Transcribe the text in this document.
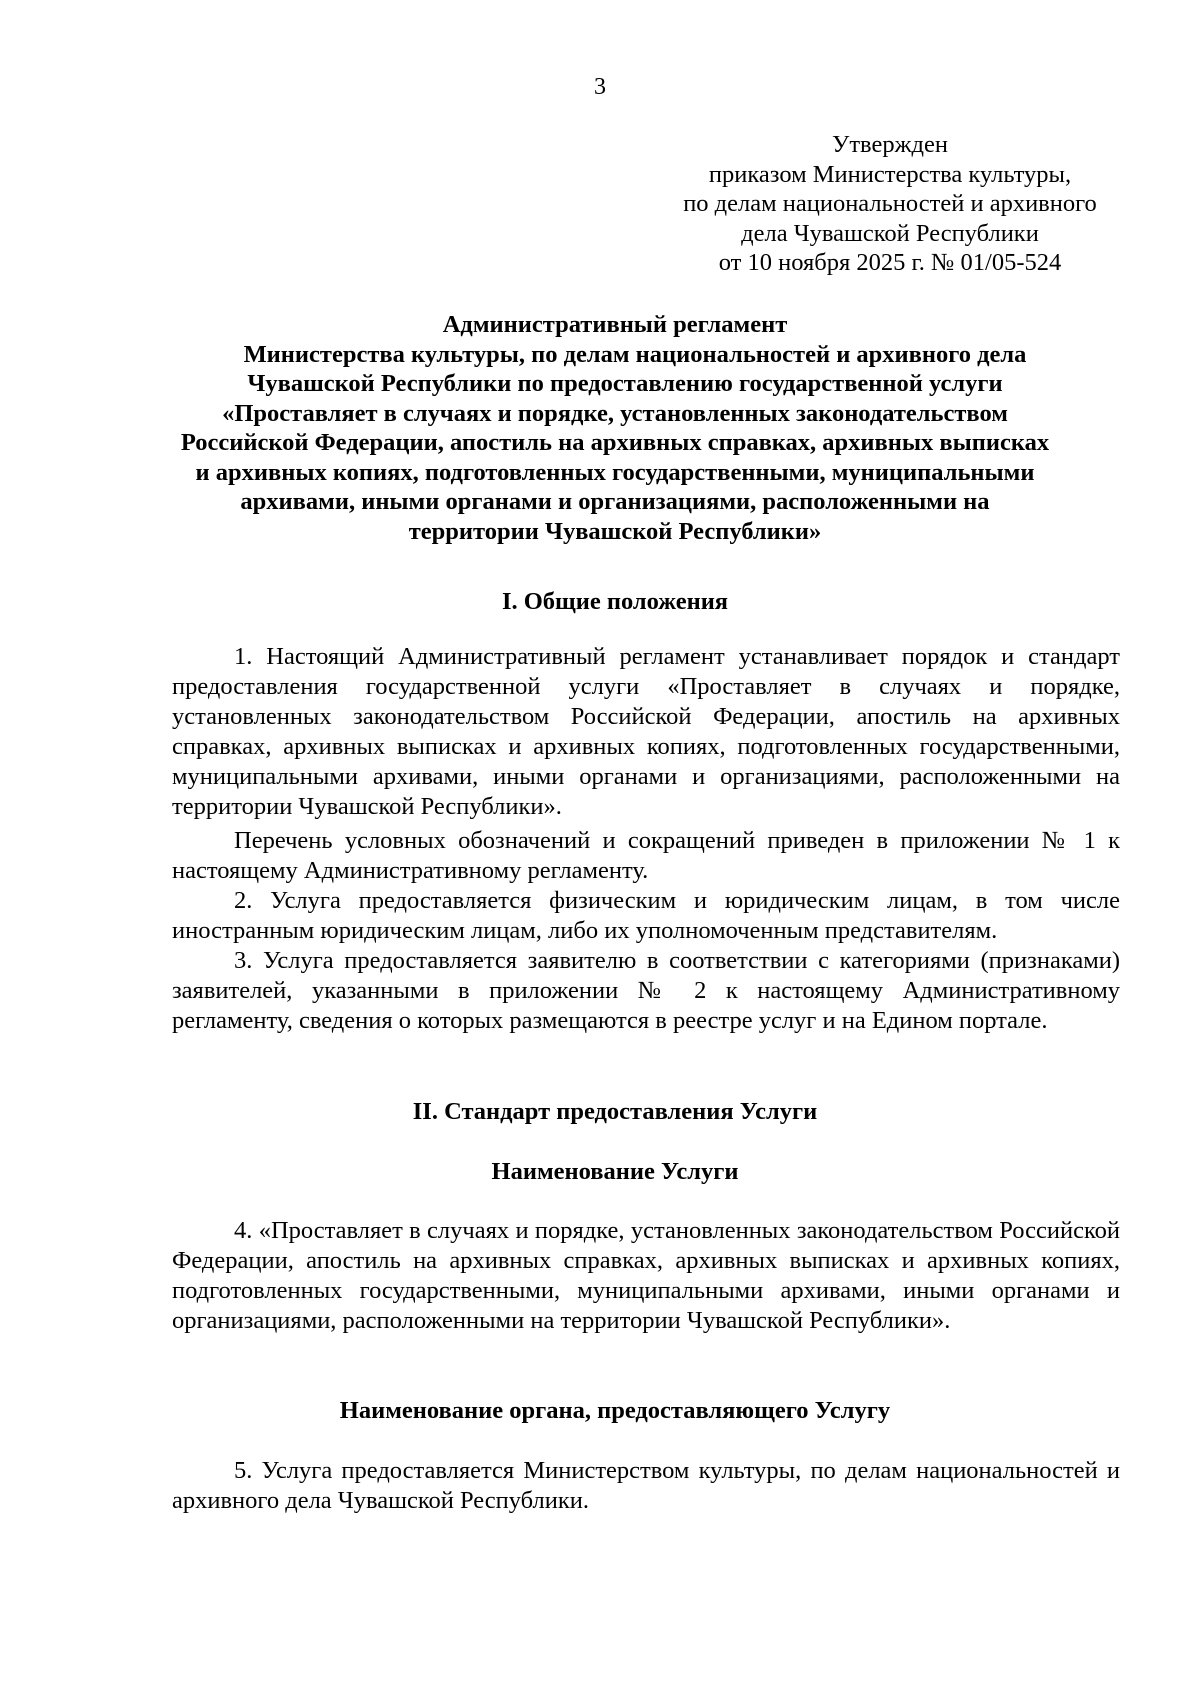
3
Утвержден
приказом Министерства культуры,
по делам национальностей и архивного
дела Чувашской Республики
от 10 ноября 2025 г. № 01/05-524
Административный регламент
Министерства культуры, по делам национальностей и архивного дела
Чувашской Республики по предоставлению государственной услуги
«Проставляет в случаях и порядке, установленных законодательством
Российской Федерации, апостиль на архивных справках, архивных выписках
и архивных копиях, подготовленных государственными, муниципальными
архивами, иными органами и организациями, расположенными на
территории Чувашской Республики»
I. Общие положения
1. Настоящий Административный регламент устанавливает порядок и стандарт предоставления государственной услуги «Проставляет в случаях и порядке, установленных законодательством Российской Федерации, апостиль на архивных справках, архивных выписках и архивных копиях, подготовленных государственными, муниципальными архивами, иными органами и организациями, расположенными на территории Чувашской Республики».
Перечень условных обозначений и сокращений приведен в приложении № 1 к настоящему Административному регламенту.
2. Услуга предоставляется физическим и юридическим лицам, в том числе иностранным юридическим лицам, либо их уполномоченным представителям.
3. Услуга предоставляется заявителю в соответствии с категориями (признаками) заявителей, указанными в приложении № 2 к настоящему Административному регламенту, сведения о которых размещаются в реестре услуг и на Едином портале.
II. Стандарт предоставления Услуги
Наименование Услуги
4. «Проставляет в случаях и порядке, установленных законодательством Российской Федерации, апостиль на архивных справках, архивных выписках и архивных копиях, подготовленных государственными, муниципальными архивами, иными органами и организациями, расположенными на территории Чувашской Республики».
Наименование органа, предоставляющего Услугу
5. Услуга предоставляется Министерством культуры, по делам национальностей и архивного дела Чувашской Республики.
